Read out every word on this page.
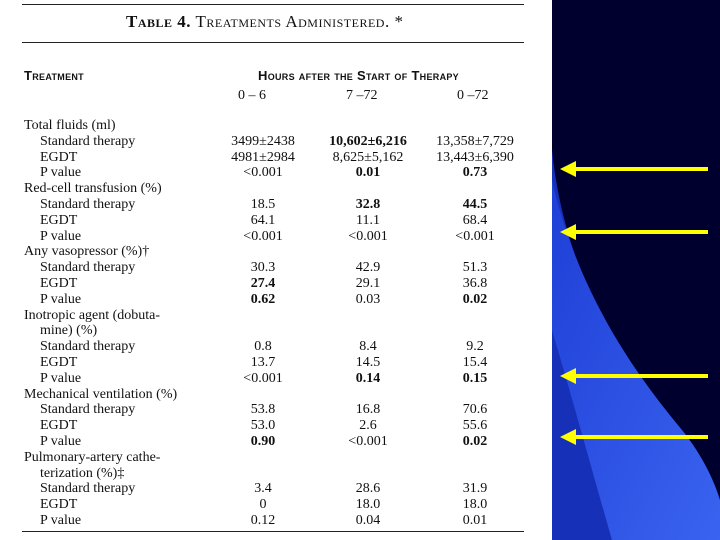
Table 4. Treatments Administered. *
Treatment	Hours after the Start of Therapy
0 – 6	7 –72	0 –72
Total fluids (ml)
Standard therapy	3499±2438	10,602±6,216	13,358±7,729
EGDT	4981±2984	8,625±5,162	13,443±6,390
P value	<0.001	0.01	0.73
Red-cell transfusion (%)
Standard therapy	18.5	32.8	44.5
EGDT	64.1	11.1	68.4
P value	<0.001	<0.001	<0.001
Any vasopressor (%)†
Standard therapy	30.3	42.9	51.3
EGDT	27.4	29.1	36.8
P value	0.62	0.03	0.02
Inotropic agent (dobuta-
mine) (%)
Standard therapy	0.8	8.4	9.2
EGDT	13.7	14.5	15.4
P value	<0.001	0.14	0.15
Mechanical ventilation (%)
Standard therapy	53.8	16.8	70.6
EGDT	53.0	2.6	55.6
P value	0.90	<0.001	0.02
Pulmonary-artery cathe-
terization (%)‡
Standard therapy	3.4	28.6	31.9
EGDT	0	18.0	18.0
P value	0.12	0.04	0.01
